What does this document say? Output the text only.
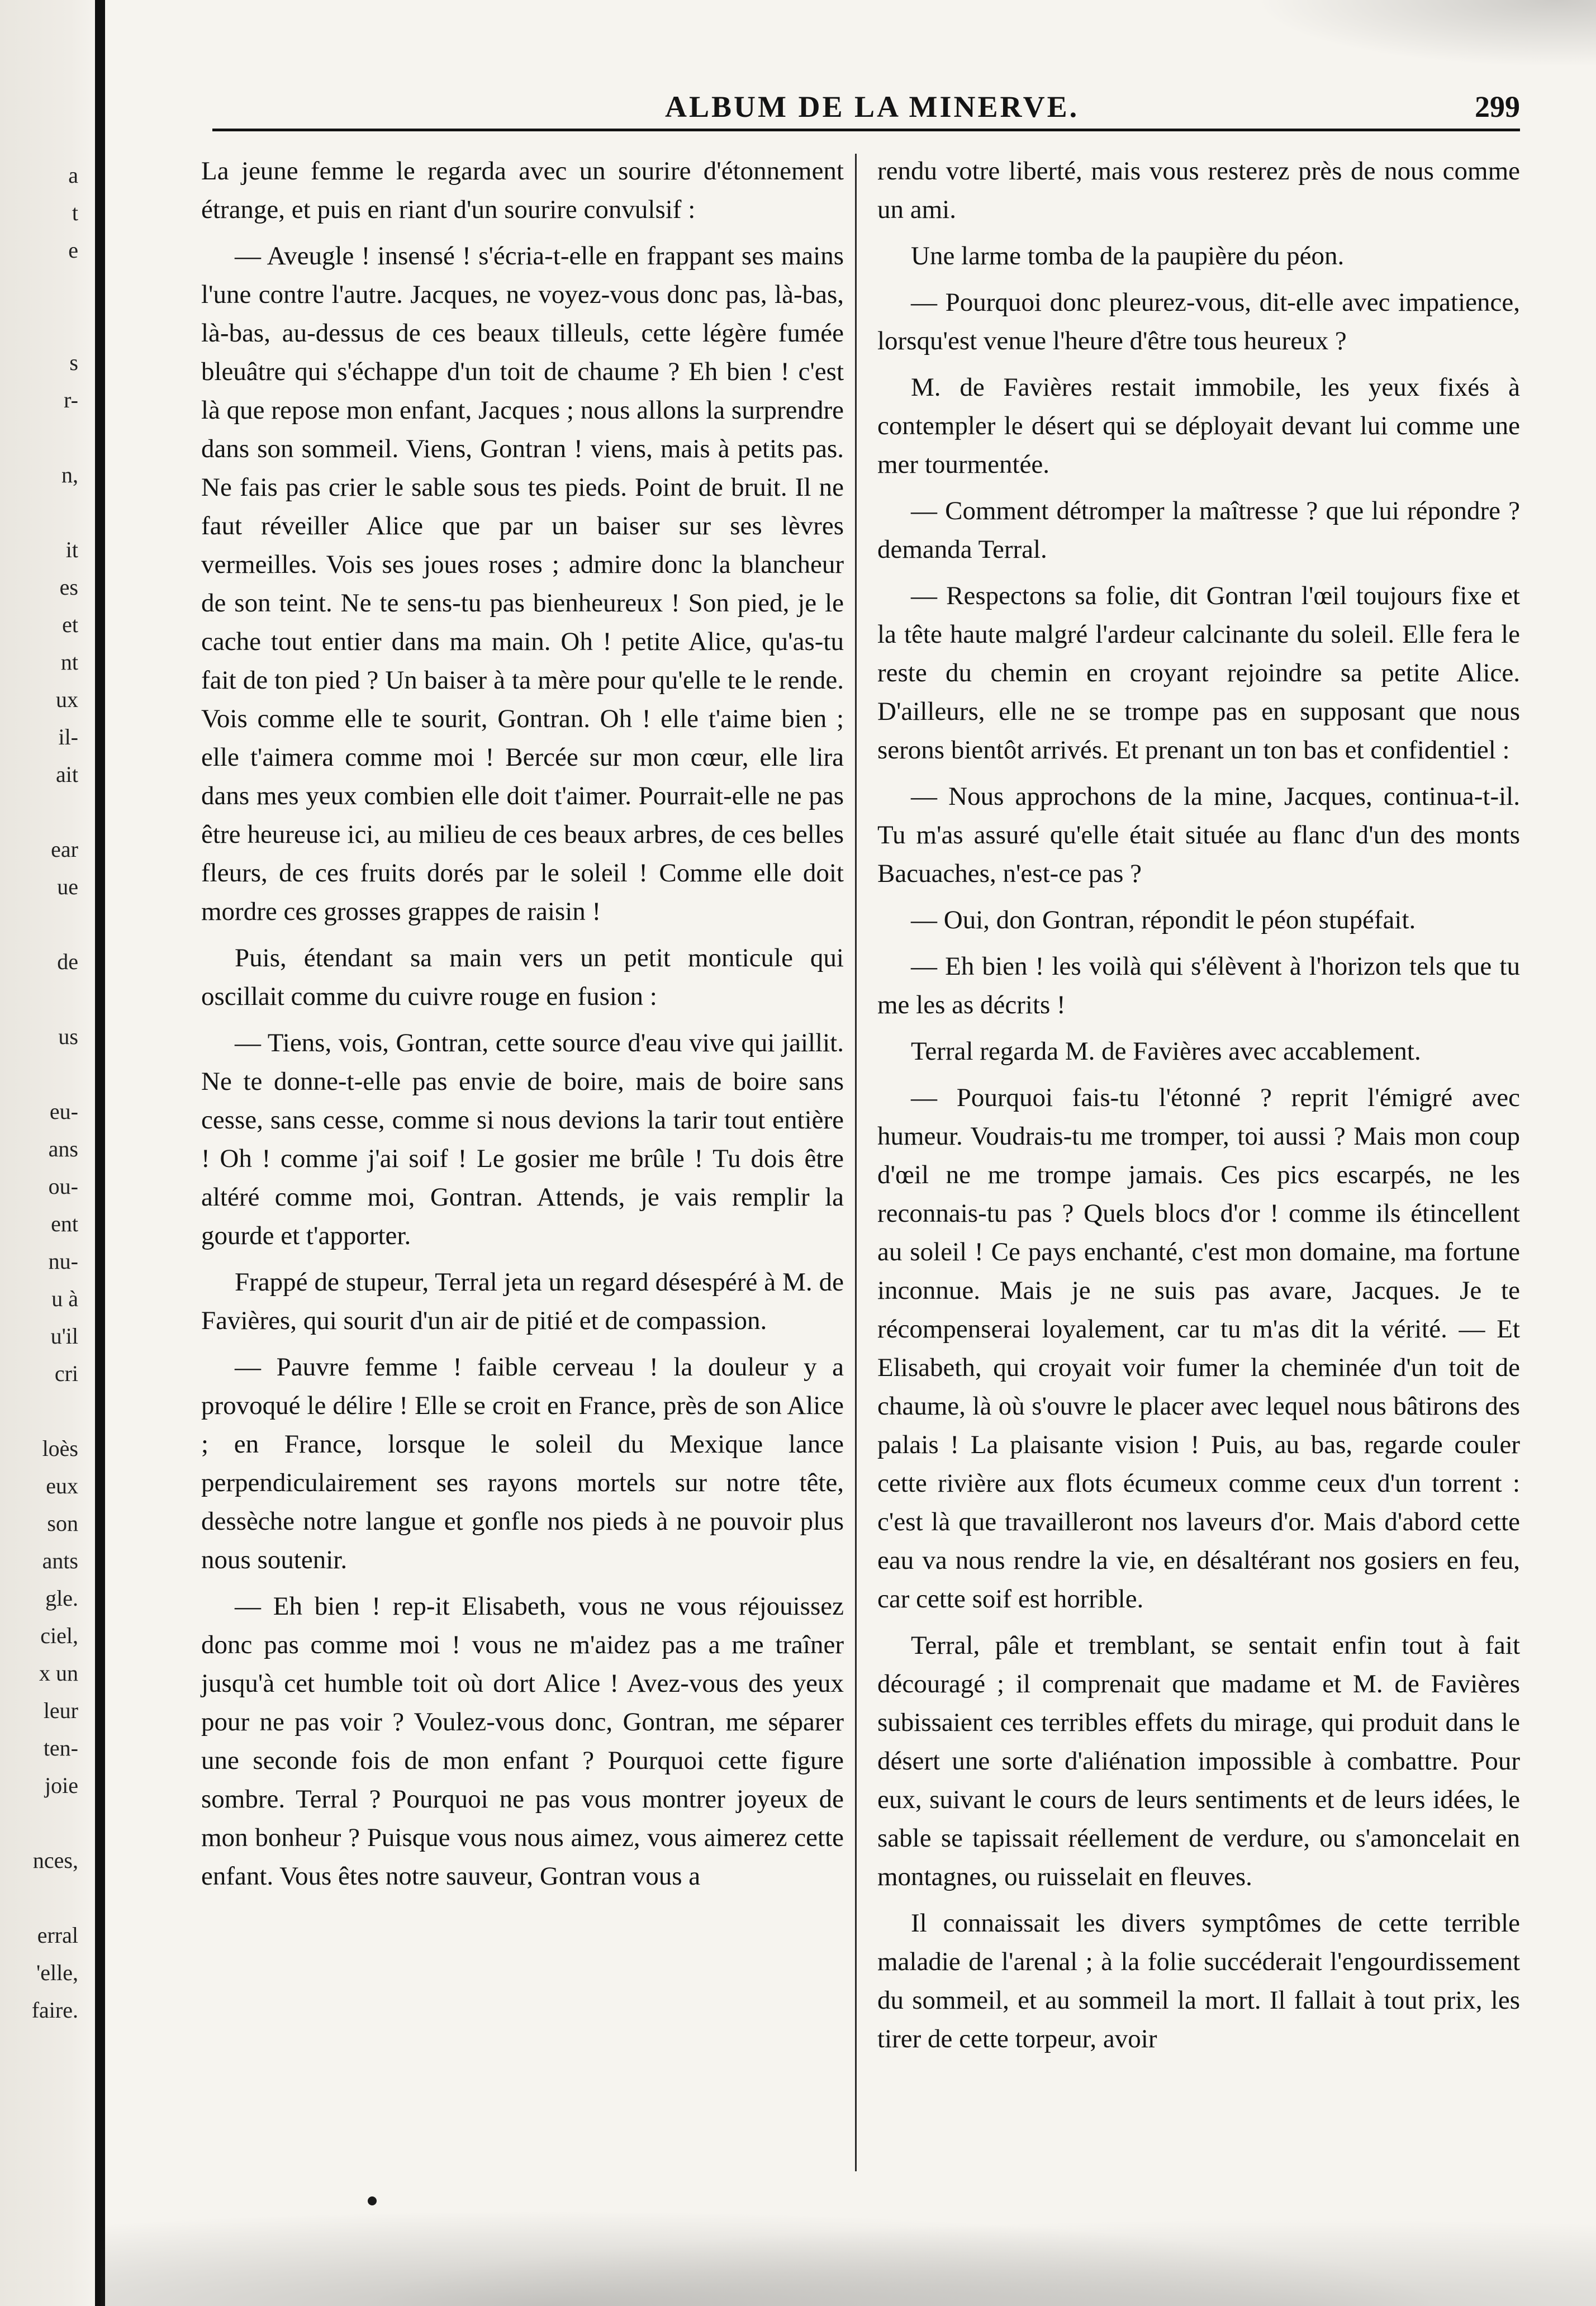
a
t
e

s
r-

n,

it
es
et
nt
ux
il-
ait

ear
ue

de

us

eu-
ans
ou-
ent
nu-
u à
u'il
cri

loès
eux
son
ants
gle.
ciel,
x un
leur
ten-
joie

nces,

erral
'elle,
faire.
ALBUM DE LA MINERVE.	299

La jeune femme le regarda avec un sourire d'étonnement étrange, et puis en riant d'un sourire convulsif :

— Aveugle ! insensé ! s'écria-t-elle en frappant ses mains l'une contre l'autre. Jacques, ne voyez-vous donc pas, là-bas, là-bas, au-dessus de ces beaux tilleuls, cette légère fumée bleuâtre qui s'échappe d'un toit de chaume ? Eh bien ! c'est là que repose mon enfant, Jacques ; nous allons la surprendre dans son sommeil. Viens, Gontran ! viens, mais à petits pas. Ne fais pas crier le sable sous tes pieds. Point de bruit. Il ne faut réveiller Alice que par un baiser sur ses lèvres vermeilles. Vois ses joues roses ; admire donc la blancheur de son teint. Ne te sens-tu pas bienheureux ! Son pied, je le cache tout entier dans ma main. Oh ! petite Alice, qu'as-tu fait de ton pied ? Un baiser à ta mère pour qu'elle te le rende. Vois comme elle te sourit, Gontran. Oh ! elle t'aime bien ; elle t'aimera comme moi ! Bercée sur mon cœur, elle lira dans mes yeux combien elle doit t'aimer. Pourrait-elle ne pas être heureuse ici, au milieu de ces beaux arbres, de ces belles fleurs, de ces fruits dorés par le soleil ! Comme elle doit mordre ces grosses grappes de raisin !

Puis, étendant sa main vers un petit monticule qui oscillait comme du cuivre rouge en fusion :

— Tiens, vois, Gontran, cette source d'eau vive qui jaillit. Ne te donne-t-elle pas envie de boire, mais de boire sans cesse, sans cesse, comme si nous devions la tarir tout entière ! Oh ! comme j'ai soif ! Le gosier me brûle ! Tu dois être altéré comme moi, Gontran. Attends, je vais remplir la gourde et t'apporter.

Frappé de stupeur, Terral jeta un regard désespéré à M. de Favières, qui sourit d'un air de pitié et de compassion.

— Pauvre femme ! faible cerveau ! la douleur y a provoqué le délire ! Elle se croit en France, près de son Alice ; en France, lorsque le soleil du Mexique lance perpendiculairement ses rayons mortels sur notre tête, dessèche notre langue et gonfle nos pieds à ne pouvoir plus nous soutenir.

— Eh bien ! rep-it Elisabeth, vous ne vous réjouissez donc pas comme moi ! vous ne m'aidez pas a me traîner jusqu'à cet humble toit où dort Alice ! Avez-vous des yeux pour ne pas voir ? Voulez-vous donc, Gontran, me séparer une seconde fois de mon enfant ? Pourquoi cette figure sombre. Terral ? Pourquoi ne pas vous montrer joyeux de mon bonheur ? Puisque vous nous aimez, vous aimerez cette enfant. Vous êtes notre sauveur, Gontran vous a

rendu votre liberté, mais vous resterez près de nous comme un ami.

Une larme tomba de la paupière du péon.

— Pourquoi donc pleurez-vous, dit-elle avec impatience, lorsqu'est venue l'heure d'être tous heureux ?

M. de Favières restait immobile, les yeux fixés à contempler le désert qui se déployait devant lui comme une mer tourmentée.

— Comment détromper la maîtresse ? que lui répondre ? demanda Terral.

— Respectons sa folie, dit Gontran l'œil toujours fixe et la tête haute malgré l'ardeur calcinante du soleil. Elle fera le reste du chemin en croyant rejoindre sa petite Alice. D'ailleurs, elle ne se trompe pas en supposant que nous serons bientôt arrivés. Et prenant un ton bas et confidentiel :

— Nous approchons de la mine, Jacques, continua-t-il. Tu m'as assuré qu'elle était située au flanc d'un des monts Bacuaches, n'est-ce pas ?

— Oui, don Gontran, répondit le péon stupéfait.

— Eh bien ! les voilà qui s'élèvent à l'horizon tels que tu me les as décrits !

Terral regarda M. de Favières avec accablement.

— Pourquoi fais-tu l'étonné ? reprit l'émigré avec humeur. Voudrais-tu me tromper, toi aussi ? Mais mon coup d'œil ne me trompe jamais. Ces pics escarpés, ne les reconnais-tu pas ? Quels blocs d'or ! comme ils étincellent au soleil ! Ce pays enchanté, c'est mon domaine, ma fortune inconnue. Mais je ne suis pas avare, Jacques. Je te récompenserai loyalement, car tu m'as dit la vérité. — Et Elisabeth, qui croyait voir fumer la cheminée d'un toit de chaume, là où s'ouvre le placer avec lequel nous bâtirons des palais ! La plaisante vision ! Puis, au bas, regarde couler cette rivière aux flots écumeux comme ceux d'un torrent : c'est là que travailleront nos laveurs d'or. Mais d'abord cette eau va nous rendre la vie, en désaltérant nos gosiers en feu, car cette soif est horrible.

Terral, pâle et tremblant, se sentait enfin tout à fait découragé ; il comprenait que madame et M. de Favières subissaient ces terribles effets du mirage, qui produit dans le désert une sorte d'aliénation impossible à combattre. Pour eux, suivant le cours de leurs sentiments et de leurs idées, le sable se tapissait réellement de verdure, ou s'amoncelait en montagnes, ou ruisselait en fleuves.

Il connaissait les divers symptômes de cette terrible maladie de l'arenal ; à la folie succéderait l'engourdissement du sommeil, et au sommeil la mort. Il fallait à tout prix, les tirer de cette torpeur, avoir
